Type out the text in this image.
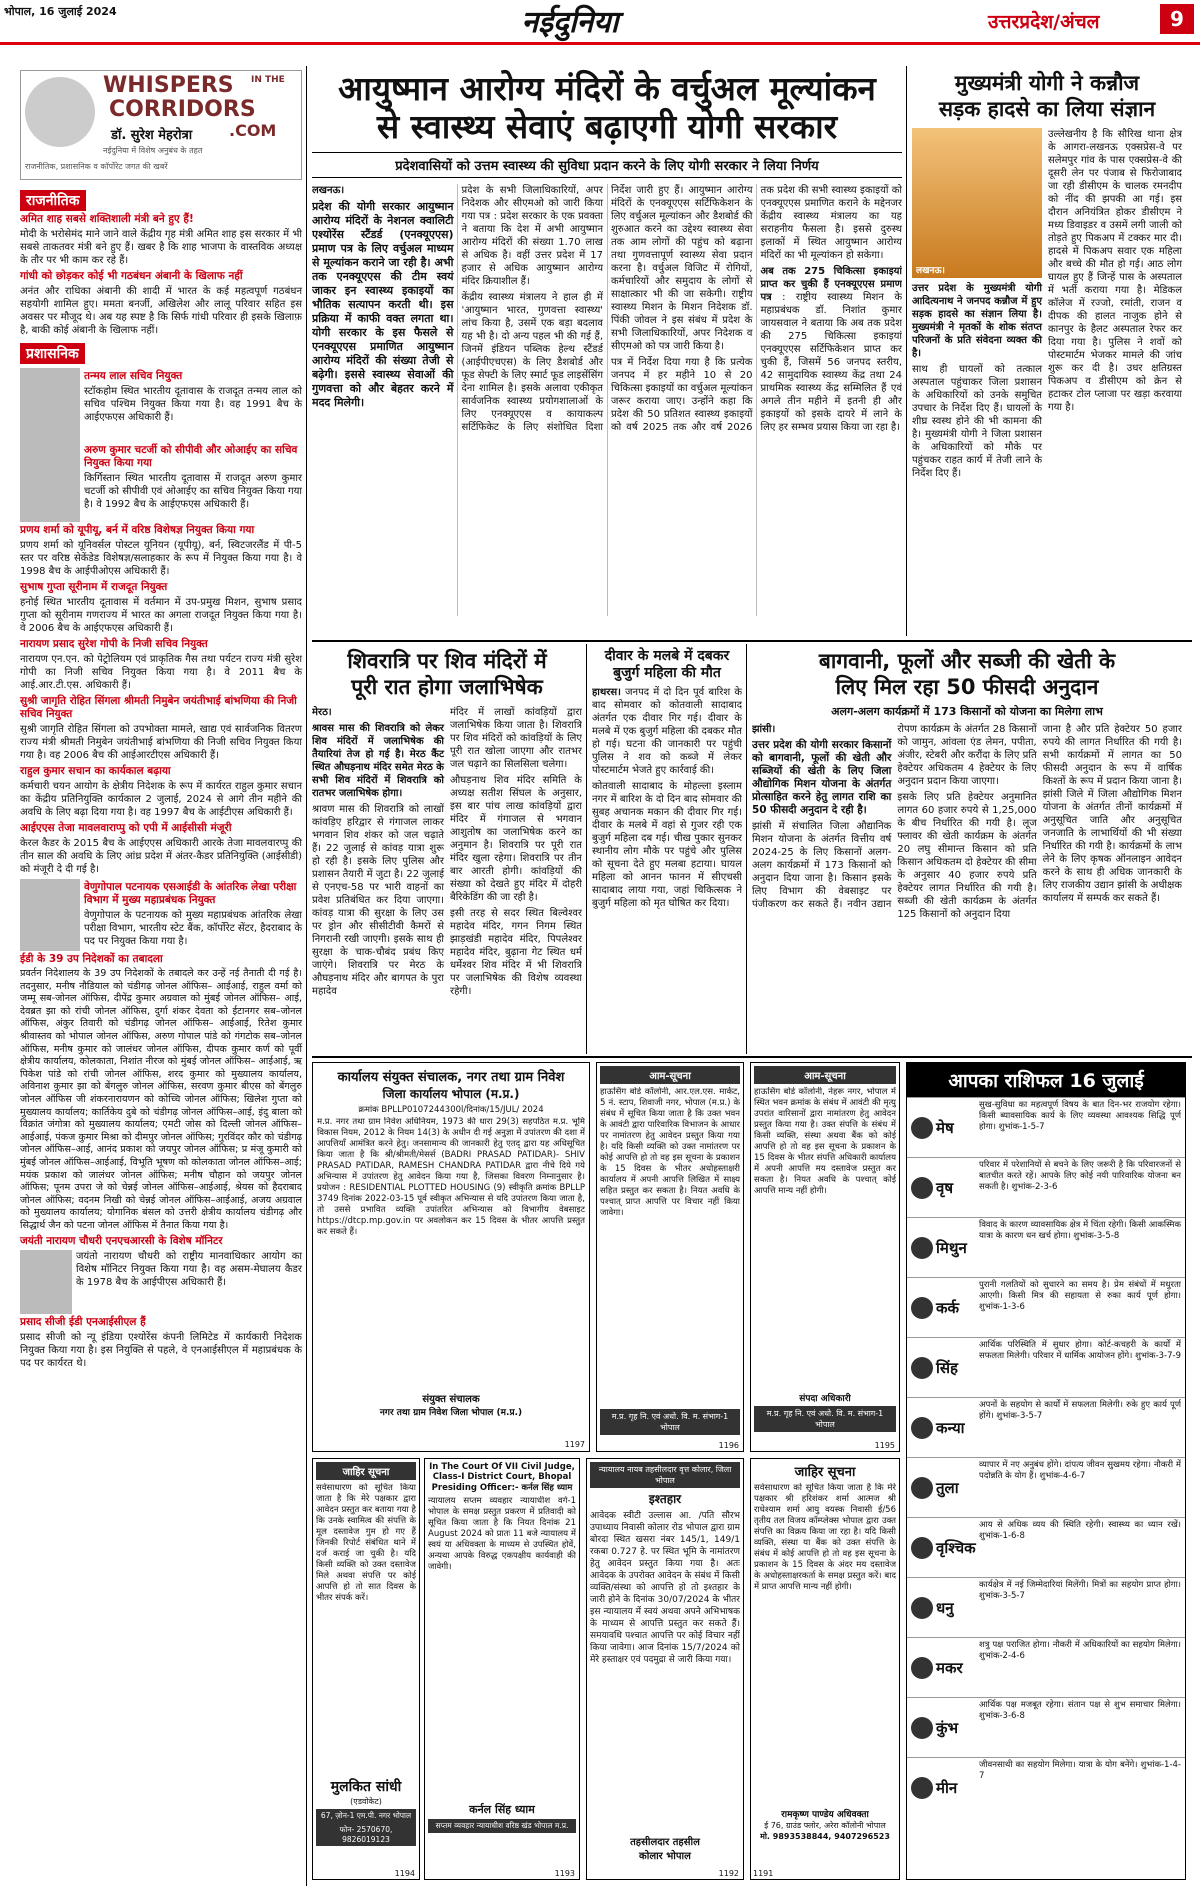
भोपाल, 16 जुलाई 2024	नईदुनिया	उत्तरप्रदेश/अंचल	9
WHISPERS IN THE
CORRIDORS
.COM
डॉ. सुरेश मेहरोत्रा
नईदुनिया में विशेष अनुबंध के तहत
राजनीतिक, प्रशासनिक व कॉर्पोरेट जगत की खबरें
राजनीतिक
अमित शाह सबसे शक्तिशाली मंत्री बने हुए हैं!

मोदी के भरोसेमंद माने जाने वाले केंद्रीय गृह मंत्री अमित शाह इस सरकार में भी सबसे ताकतवर मंत्री बने हुए हैं। खबर है कि शाह भाजपा के वास्तविक अध्यक्ष के तौर पर भी काम कर रहे हैं।

गांधी को छोड़कर कोई भी गठबंधन अंबानी के खिलाफ नहीं

अनंत और राधिका अंबानी की शादी में भारत के कई महत्वपूर्ण गठबंधन सहयोगी शामिल हुए। ममता बनर्जी, अखिलेश और लालू परिवार सहित इस अवसर पर मौजूद थे। अब यह स्पष्ट है कि सिर्फ गांधी परिवार ही इसके खिलाफ़ है, बाकी कोई अंबानी के खिलाफ नहीं।

प्रशासनिक
तन्मय लाल सचिव नियुक्त

स्टॉकहोम स्थित भारतीय दूतावास के राजदूत तन्मय लाल को सचिव पश्चिम नियुक्त किया गया है। वह 1991 बैच के आईएफएस अधिकारी हैं।

अरुण कुमार चटर्जी को सीपीवी और ओआईए का सचिव नियुक्त किया गया

किर्गिस्तान स्थित भारतीय दूतावास में राजदूत अरुण कुमार चटर्जी को सीपीवी एवं ओआईए का सचिव नियुक्त किया गया है। वे 1992 बैच के आईएफएस अधिकारी हैं।

प्रणय शर्मा को यूपीयू, बर्न में वरिष्ठ विशेषज्ञ नियुक्त किया गया

प्रणय शर्मा को यूनिवर्सल पोस्टल यूनियन (यूपीयू), बर्न, स्विटजरलैंड में पी-5 स्तर पर वरिष्ठ सेकेंडेड विशेषज्ञ/सलाहकार के रूप में नियुक्त किया गया है। वे 1998 बैच के आईपीओएस अधिकारी हैं।

सुभाष गुप्ता सूरीनाम में राजदूत नियुक्त

हनोई स्थित भारतीय दूतावास में वर्तमान में उप-प्रमुख मिशन, सुभाष प्रसाद गुप्ता को सूरीनाम गणराज्य में भारत का अगला राजदूत नियुक्त किया गया है। वे 2006 बैच के आईएफएस अधिकारी हैं।

नारायण प्रसाद सुरेश गोपी के निजी सचिव नियुक्त

नारायण एन.एन. को पेट्रोलियम एवं प्राकृतिक गैस तथा पर्यटन राज्य मंत्री सुरेश गोपी का निजी सचिव नियुक्त किया गया है। वे 2011 बैच के आई.आर.टी.एस. अधिकारी हैं।

सुश्री जागृति रोहित सिंगला श्रीमती निमुबेन जयंतीभाई बांभणिया की निजी सचिव नियुक्त

सुश्री जागृति रोहित सिंगला को उपभोक्ता मामले, खाद्य एवं सार्वजनिक वितरण राज्य मंत्री श्रीमती निमुबेन जयंतीभाई बांभणिया की निजी सचिव नियुक्त किया गया है। वह 2006 बैच की आईआरटीएस अधिकारी हैं।

राहुल कुमार सचान का कार्यकाल बढ़ाया

कर्मचारी चयन आयोग के क्षेत्रीय निदेशक के रूप में कार्यरत राहुल कुमार सचान का केंद्रीय प्रतिनियुक्ति कार्यकाल 2 जुलाई, 2024 से आगे तीन महीने की अवधि के लिए बढ़ा दिया गया है। वह 1997 बैच के आईटीएस अधिकारी हैं।

आईएएस तेजा मावलवाराप्पु को एपी में आईसीसी मंजूरी

केरल कैडर के 2015 बैच के आईएएस अधिकारी आरके तेजा मावलवारप्पु की तीन साल की अवधि के लिए आंध्र प्रदेश में अंतर-कैडर प्रतिनियुक्ति (आईसीडी) को मंजूरी दे दी गई है।

वेणुगोपाल पटनायक एसआईडी के आंतरिक लेखा परीक्षा विभाग में मुख्य महाप्रबंधक नियुक्त

वेणुगोपाल के पटनायक को मुख्य महाप्रबंधक आंतरिक लेखा परीक्षा विभाग, भारतीय स्टेट बैंक, कॉर्पोरेट सेंटर, हैदराबाद के पद पर नियुक्त किया गया है।

ईडी के 39 उप निदेशकों का तबादला

प्रवर्तन निदेशालय के 39 उप निदेशकों के तबादले कर उन्हें नई तैनाती दी गई है। तदनुसार, मनीष नौडियाल को चंडीगढ़ जोनल ऑफिस– आईआई, राहुल वर्मा को जम्मू सब-जोनल ऑफिस, दीपेंद्र कुमार अग्रवाल को मुंबई जोनल ऑफिस– आई, देवब्रत झा को रांची जोनल ऑफिस, दुर्गा शंकर देवता को ईटानगर सब–जोनल ऑफिस, अंकुर तिवारी को चंडीगढ़ जोनल ऑफिस– आईआई, रितेश कुमार श्रीवास्तव को भोपाल जोनल ऑफिस, अरुण गोपाल पांडे को गंगटोक सब–जोनल ऑफिस, मनीष कुमार को जालंधर जोनल ऑफिस, दीपक कुमार कर्ण को पूर्वी क्षेत्रीय कार्यालय, कोलकाता, निशांत नीरज को मुंबई जोनल ऑफिस– आईआई, ऋ पिकेश पांडे को रांची जोनल ऑफिस, शरद कुमार को मुख्यालय कार्यालय, अविनाश कुमार झा को बेंगलुरु जोनल ऑफिस, सरवण कुमार बीएस को बेंगलुरु जोनल ऑफिस जी शंकरनारायणन को कोच्चि जोनल ऑफिस; खिलेश गुप्ता को मुख्यालय कार्यालय; कार्तिकेय दुबे को चंडीगढ़ जोनल ऑफिस–आई, इंदु बाला को विक्रांत जंगोत्रा को मुख्यालय कार्यालय; एमटी जोस को दिल्ली जोनल ऑफिस–आईआई, पंकज कुमार मिश्रा को दीमपुर जोनल ऑफिस; गुरविंदर कौर को चंडीगढ़ जोनल ऑफिस–आई, आनंद प्रकाश को जयपुर जोनल ऑफिस; प्र मंजू कुमारी को मुंबई जोनल ऑफिस–आईआई, विभूति भूषण को कोलकाता जोनल ऑफिस–आई; मयंक प्रकाश को जालंधर जोनल ऑफिस; मनीष चौहान को जयपुर जोनल ऑफिस; पूनम उपरा जे को चेन्नई जोनल ऑफिस–आईआई, श्रेयस को हैदराबाद जोनल ऑफिस; वदनम निखी को चेन्नई जोनल ऑफिस–आईआई, अजय अग्रवाल को मुख्यालय कार्यालय; योगानिक बंसल को उत्तरी क्षेत्रीय कार्यालय चंडीगढ़ और सिद्धार्थ जैन को पटना जोनल ऑफिस में तैनात किया गया है।

जयंती नारायण चौधरी एनएचआरसी के विशेष मॉनिटर

जयंतो नारायण चौधरी को राष्ट्रीय मानवाधिकार आयोग का विशेष मॉनिटर नियुक्त किया गया है। वह असम-मेघालय कैडर के 1978 बैच के आईपीएस अधिकारी हैं।

प्रसाद सीजी ईडी एनआईसीएल हैं

प्रसाद सीजी को न्यू इंडिया एश्योरेंस कंपनी लिमिटेड में कार्यकारी निदेशक नियुक्त किया गया है। इस नियुक्ति से पहले, वे एनआईसीएल में महाप्रबंधक के पद पर कार्यरत थे।

आयुष्मान आरोग्य मंदिरों के वर्चुअल मूल्यांकन
से स्वास्थ्य सेवाएं बढ़ाएगी योगी सरकार
प्रदेशवासियों को उत्तम स्वास्थ्य की सुविधा प्रदान करने के लिए योगी सरकार ने लिया निर्णय

लखनऊ।

प्रदेश की योगी सरकार आयुष्मान आरोग्य मंदिरों के नेशनल क्वालिटी एश्योरेंस स्टैंडर्ड (एनक्यूएएस) प्रमाण पत्र के लिए वर्चुअल माध्यम से मूल्यांकन कराने जा रही है। अभी तक एनक्यूएएस की टीम स्वयं जाकर इन स्वास्थ्य इकाइयों का भौतिक सत्यापन करती थी। इस प्रक्रिया में काफी वक्त लगता था। योगी सरकार के इस फैसले से एनक्यूएएस प्रमाणित आयुष्मान आरोग्य मंदिरों की संख्या तेजी से बढ़ेगी। इससे स्वास्थ्य सेवाओं की गुणवत्ता को और बेहतर करने में मदद मिलेगी।

प्रदेश के सभी जिलाधिकारियों, अपर निदेशक और सीएमओ को जारी किया गया पत्र : प्रदेश सरकार के एक प्रवक्ता ने बताया कि देश में अभी आयुष्मान आरोग्य मंदिरों की संख्या 1.70 लाख से अधिक है। वहीं उत्तर प्रदेश में 17 हजार से अधिक आयुष्मान आरोग्य मंदिर क्रियाशील हैं।

केंद्रीय स्वास्थ्य मंत्रालय ने हाल ही में 'आयुष्मान भारत, गुणवत्ता स्वास्थ्य' लांच किया है, उसमें एक बड़ा बदलाव यह भी है। दो अन्य पहल भी की गई हैं, जिनमें इंडियन पब्लिक हेल्थ स्टैंडर्ड (आईपीएचएस) के लिए डैशबोर्ड और फूड सेफ्टी के लिए स्मार्ट फूड लाइसेंसिंग देना शामिल है। इसके अलावा एकीकृत सार्वजनिक स्वास्थ्य प्रयोगशालाओं के लिए एनक्यूएएस व कायाकल्प सर्टिफिकेट के लिए संशोधित दिशा निर्देश जारी हुए हैं। आयुष्मान आरोग्य मंदिरों के एनक्यूएएस सर्टिफिकेशन के लिए वर्चुअल मूल्यांकन और डैशबोर्ड की शुरुआत करने का उद्देश्य स्वास्थ्य सेवा तक आम लोगों की पहुंच को बढ़ाना तथा गुणवत्तापूर्ण स्वास्थ्य सेवा प्रदान करना है। वर्चुअल विजिट में रोगियों, कर्मचारियों और समुदाय के लोगों से साक्षात्कार भी की जा सकेगी। राष्ट्रीय स्वास्थ्य मिशन के मिशन निदेशक डॉ. पिंकी जोवल ने इस संबंध में प्रदेश के सभी जिलाधिकारियों, अपर निदेशक व सीएमओ को पत्र जारी किया है।

पत्र में निर्देश दिया गया है कि प्रत्येक जनपद में हर महीने 10 से 20 चिकित्सा इकाइयों का वर्चुअल मूल्यांकन जरूर कराया जाए। उन्होंने कहा कि प्रदेश की 50 प्रतिशत स्वास्थ्य इकाइयों को वर्ष 2025 तक और वर्ष 2026 तक प्रदेश की सभी स्वास्थ्य इकाइयों को एनक्यूएएस प्रमाणित कराने के मद्देनजर केंद्रीय स्वास्थ्य मंत्रालय का यह सराहनीय फैसला है। इससे दुरुस्थ इलाकों में स्थित आयुष्मान आरोग्य मंदिरों का भी मूल्यांकन हो सकेगा।

अब तक 275 चिकित्सा इकाइयां प्राप्त कर चुकी हैं एनक्यूएएस प्रमाण पत्र : राष्ट्रीय स्वास्थ्य मिशन के महाप्रबंधक डॉ. निशांत कुमार जायसवाल ने बताया कि अब तक प्रदेश की 275 चिकित्सा इकाइयां एनक्यूएएस सर्टिफिकेशन प्राप्त कर चुकी हैं, जिसमें 56 जनपद स्तरीय, 42 सामुदायिक स्वास्थ्य केंद्र तथा 24 प्राथमिक स्वास्थ्य केंद्र सम्मिलित हैं एवं अगले तीन महीने में इतनी ही और इकाइयों को इसके दायरे में लाने के लिए हर सम्भव प्रयास किया जा रहा है।

मुख्यमंत्री योगी ने कन्नौज
सड़क हादसे का लिया संज्ञान
लखनऊ।

उत्तर प्रदेश के मुख्यमंत्री योगी आदित्यनाथ ने जनपद कन्नौज में हुए सड़क हादसे का संज्ञान लिया है। मुख्यमंत्री ने मृतकों के शोक संतप्त परिजनों के प्रति संवेदना व्यक्त की है।

साथ ही घायलों को तत्काल अस्पताल पहुंचाकर जिला प्रशासन के अधिकारियों को उनके समुचित उपचार के निर्देश दिए हैं। घायलों के शीघ्र स्वस्थ होने की भी कामना की है। मुख्यमंत्री योगी ने जिला प्रशासन के अधिकारियों को मौके पर पहुंचकर राहत कार्य में तेजी लाने के निर्देश दिए हैं।

उल्लेखनीय है कि सौरिख थाना क्षेत्र के आगरा-लखनऊ एक्सप्रेस-वे पर सलेमपुर गांव के पास एक्सप्रेस-वे की दूसरी लेन पर पंजाब से फिरोजाबाद जा रही डीसीएम के चालक रमनदीप को नींद की झपकी आ गई। इस दौरान अनियंत्रित होकर डीसीएम ने मध्य डिवाइडर व उसमें लगी जाली को तोड़ते हुए पिकअप में टक्कर मार दी। हादसे में पिकअप सवार एक महिला और बच्चे की मौत हो गई। आठ लोग घायल हुए हैं जिन्हें पास के अस्पताल में भर्ती कराया गया है। मेडिकल कॉलेज में रज्जो, रमांती, राजन व दीपक की हालत नाजुक होने से कानपुर के हैलट अस्पताल रेफर कर दिया गया है। पुलिस ने शवों को पोस्टमार्टम भेजकर मामले की जांच शुरू कर दी है। उधर क्षतिग्रस्त पिकअप व डीसीएम को क्रेन से हटाकर टोल प्लाजा पर खड़ा करवाया गया है।

शिवरात्रि पर शिव मंदिरों में
पूरी रात होगा जलाभिषेक

मेरठ।

श्रावस मास की शिवरात्रि को लेकर शिव मंदिरों में जलाभिषेक की तैयारियां तेज हो गई है। मेरठ कैंट स्थित औघड़नाथ मंदिर समेत मेरठ के सभी शिव मंदिरों में शिवरात्रि को रातभर जलाभिषेक होगा।

श्रावण मास की शिवरात्रि को लाखों कांवड़िए हरिद्वार से गंगाजल लाकर भगवान शिव शंकर को जल चढ़ाते हैं। 22 जुलाई से कांवड़ यात्रा शुरू हो रही है। इसके लिए पुलिस और प्रशासन तैयारी में जुटा है। 22 जुलाई से एनएच-58 पर भारी वाहनों का प्रवेश प्रतिबंधित कर दिया जाएगा। कांवड़ यात्रा की सुरक्षा के लिए उस पर ड्रोन और सीसीटीवी कैमरों से निगरानी रखी जाएगी। इसके साथ ही सुरक्षा के चाक-चौबंद प्रबंध किए जाएंगे। शिवरात्रि पर मेरठ के औघड़नाथ मंदिर और बागपत के पुरा महादेव

मंदिर में लाखों कांवड़ियों द्वारा जलाभिषेक किया जाता है। शिवरात्रि पर शिव मंदिरों को कांवड़ियों के लिए पूरी रात खोला जाएगा और रातभर जल चढ़ाने का सिलसिला चलेगा।

औघड़नाथ शिव मंदिर समिति के अध्यक्ष सतीश सिंघल के अनुसार, इस बार पांच लाख कांवड़ियों द्वारा मंदिर में गंगाजल से भगवान आशुतोष का जलाभिषेक करने का अनुमान है। शिवरात्रि पर पूरी रात मंदिर खुला रहेगा। शिवरात्रि पर तीन बार आरती होगी। कांवड़ियों की संख्या को देखते हुए मंदिर में दोहरी बैरिकेडिंग की जा रही है।

इसी तरह से सदर स्थित बिल्वेश्वर महादेव मंदिर, गगन निगम स्थित झाड़खंडी महादेव मंदिर, पिपलेश्वर महादेव मंदिर, बुढ़ाना गेट स्थित धर्म धर्मेश्वर शिव मंदिर में भी शिवरात्रि पर जलाभिषेक की विशेष व्यवस्था रहेगी।

दीवार के मलबे में दबकर
बुजुर्ग महिला की मौत

हाथरस। जनपद में दो दिन पूर्व बारिश के बाद सोमवार को कोतवाली सादाबाद अंतर्गत एक दीवार गिर गई। दीवार के मलबे में एक बुजुर्ग महिला की दबकर मौत हो गई। घटना की जानकारी पर पहुंची पुलिस ने शव को कब्जे में लेकर पोस्टमार्टम भेजते हुए कार्रवाई की।

कोतवाली सादाबाद के मोहल्ला इस्लाम नगर में बारिश के दो दिन बाद सोमवार की सुबह अचानक मकान की दीवार गिर गई। दीवार के मलबे में वहां से गुजर रही एक बुजुर्ग महिला दब गई। चीख पुकार सुनकर स्थानीय लोग मौके पर पहुंचे और पुलिस को सूचना देते हुए मलबा हटाया। घायल महिला को आनन फानन में सीएचसी सादाबाद लाया गया, जहां चिकित्सक ने बुजुर्ग महिला को मृत घोषित कर दिया।

बागवानी, फूलों और सब्जी की खेती के
लिए मिल रहा 50 फीसदी अनुदान
अलग-अलग कार्यक्रमों में 173 किसानों को योजना का मिलेगा लाभ

झांसी।

उत्तर प्रदेश की योगी सरकार किसानों को बागवानी, फूलों की खेती और सब्जियों की खेती के लिए जिला औद्योगिक मिशन योजना के अंतर्गत प्रोत्साहित करने हेतु लागत राशि का 50 फीसदी अनुदान दे रही है।

झांसी में संचालित जिला औद्यानिक मिशन योजना के अंतर्गत वित्तीय वर्ष 2024-25 के लिए किसानों अलग-अलग कार्यक्रमों में 173 किसानों को अनुदान दिया जाना है। किसान इसके लिए विभाग की वेबसाइट पर पंजीकरण कर सकते हैं। नवीन उद्यान रोपण कार्यक्रम के अंतर्गत 28 किसानों को जामुन, आंवला एंड लेमन, पपीता, अंजीर, स्टेबरी और करौंदा के लिए प्रति हेक्टेयर अधिकतम 4 हेक्टेयर के लिए अनुदान प्रदान किया जाएगा।

इसके लिए प्रति हेक्टेयर अनुमानित लागत 60 हजार रुपये से 1,25,000 के बीच निर्धारित की गयी है। लूज फ्लावर की खेती कार्यक्रम के अंतर्गत 20 लघु सीमान्त किसान को प्रति किसान अधिकतम दो हेक्टेयर की सीमा के अनुसार 40 हजार रुपये प्रति हेक्टेयर लागत निर्धारित की गयी है। सब्जी की खेती कार्यक्रम के अंतर्गत 125 किसानों को अनुदान दिया

जाना है और प्रति हेक्टेयर 50 हजार रुपये की लागत निर्धारित की गयी है। सभी कार्यक्रमों में लागत का 50 फीसदी अनुदान के रूप में वार्षिक किश्तों के रूप में प्रदान किया जाना है। झांसी जिले में जिला औद्योगिक मिशन योजना के अंतर्गत तीनों कार्यक्रमों में अनुसूचित जाति और अनुसूचित जनजाति के लाभार्थियों की भी संख्या निर्धारित की गयी है। कार्यक्रमों के लाभ लेने के लिए कृषक ऑनलाइन आवेदन करने के साथ ही अधिक जानकारी के लिए राजकीय उद्यान झांसी के अधीक्षक कार्यालय में सम्पर्क कर सकते हैं।

कार्यालय संयुक्त संचालक, नगर तथा ग्राम निवेश
जिला कार्यालय भोपाल (म.प्र.)
क्रमांक BPLLP0107244300l/दिनांक/15/JUL/ 2024
म.प्र. नगर तथा ग्राम निवेश अधिनियम, 1973 की धारा 29(3) सहपठित म.प्र. भूमि विकास नियम, 2012 के नियम 14(3) के अधीन दी गई अनुज्ञा में उपांतरण की दशा में आपत्तियाँ आमंत्रित करने हेतु। जनसामान्य की जानकारी हेतु एतद् द्वारा यह अधिसूचित किया जाता है कि श्री/श्रीमती/मेसर्स (BADRI PRASAD PATIDAR)- SHIV PRASAD PATIDAR, RAMESH CHANDRA PATIDAR द्वारा नीचे दिये गये अभिन्यास में उपांतरण हेतु आवेदन किया गया है, जिसका विवरण निम्नानुसार है। प्रयोजन : RESIDENTIAL PLOTTED HOUSING (9) स्वीकृति क्रमांक BPLLP 3749 दिनांक 2022-03-15 पूर्व स्वीकृत अभिन्यास से यदि उपांतरण किया जाता है, तो उससे प्रभावित व्यक्ति उपांतरित अभिन्यास को विभागीय वेबसाइट https://dtcp.mp.gov.in पर अवलोकन कर 15 दिवस के भीतर आपत्ति प्रस्तुत कर सकते हैं।
संयुक्त संचालक
नगर तथा ग्राम निवेश जिला भोपाल (म.प्र.)
1197
आम-सूचना
हाऊसिंग बोर्ड कॉलोनी, आर.एल.एस. मार्केट, 5 नं. स्टाप, शिवाजी नगर, भोपाल (म.प्र.) के संबंध में सूचित किया जाता है कि उक्त भवन के आवंटी द्वारा पारिवारिक विभाजन के आधार पर नामांतरण हेतु आवेदन प्रस्तुत किया गया है। यदि किसी व्यक्ति को उक्त नामांतरण पर कोई आपत्ति हो तो वह इस सूचना के प्रकाशन के 15 दिवस के भीतर अधोहस्ताक्षरी कार्यालय में अपनी आपत्ति लिखित में साक्ष्य सहित प्रस्तुत कर सकता है। नियत अवधि के पश्चात् प्राप्त आपत्ति पर विचार नहीं किया जावेगा।
म.प्र. गृह नि. एवं अधो. वि. म. संभाग-1 भोपाल
1196
आम-सूचना
हाऊसिंग बोर्ड कॉलोनी, नेहरू नगर, भोपाल में स्थित भवन क्रमांक के संबंध में आवंटी की मृत्यु उपरांत वारिसानों द्वारा नामांतरण हेतु आवेदन प्रस्तुत किया गया है। उक्त संपत्ति के संबंध में किसी व्यक्ति, संस्था अथवा बैंक को कोई आपत्ति हो तो वह इस सूचना के प्रकाशन के 15 दिवस के भीतर संपत्ति अधिकारी कार्यालय में अपनी आपत्ति मय दस्तावेज प्रस्तुत कर सकता है। नियत अवधि के पश्चात् कोई आपत्ति मान्य नहीं होगी।
संपदा अधिकारी
म.प्र. गृह नि. एवं अधो. वि. म. संभाग-1 भोपाल
1195
जाहिर सूचना
सर्वसाधारण को सूचित किया जाता है कि मेरे पक्षकार द्वारा आवेदन प्रस्तुत कर बताया गया है कि उनके स्वामित्व की संपत्ति के मूल दस्तावेज गुम हो गए हैं जिनकी रिपोर्ट संबंधित थाने में दर्ज कराई जा चुकी है। यदि किसी व्यक्ति को उक्त दस्तावेज मिले अथवा संपत्ति पर कोई आपत्ति हो तो सात दिवस के भीतर संपर्क करें।
मुलकित सांधी
(एडवोकेट)
67, ज़ोन-1 एम.पी. नगर भोपाल
फोन- 2570670, 9826019123
1194
In The Court Of VII Civil Judge,
Class-I District Court, Bhopal
Presiding Officer:- कर्नल सिंह ध्याम
न्यायालय सप्तम व्यवहार न्यायाधीश वर्ग-1 भोपाल के समक्ष प्रस्तुत प्रकरण में प्रतिवादी को सूचित किया जाता है कि नियत दिनांक 21 August 2024 को प्रातः 11 बजे न्यायालय में स्वयं या अधिवक्ता के माध्यम से उपस्थित होवें, अन्यथा आपके विरुद्ध एकपक्षीय कार्यवाही की जावेगी।
कर्नल सिंह ध्याम
सप्तम व्यवहार न्यायाधीश वरिष्ठ खंड भोपाल म.प्र.
1193
न्यायालय नायब तहसीलदार वृत्त कोलार, जिला भोपाल
इश्तहार
आवेदक स्वीटी उल्लास आ. /पति सौरभ उपाध्याय निवासी कोलार रोड भोपाल द्वारा ग्राम बोरदा स्थित खसरा नंबर 145/1, 149/1 रकबा 0.727 हे. पर स्थित भूमि के नामांतरण हेतु आवेदन प्रस्तुत किया गया है। अतः आवेदक के उपरोक्त आवेदन के संबंध में किसी व्यक्ति/संस्था को आपत्ति हो तो इश्तहार के जारी होने के दिनांक 30/07/2024 के भीतर इस न्यायालय में स्वयं अथवा अपने अभिभाषक के माध्यम से आपत्ति प्रस्तुत कर सकते हैं। समयावधि पश्चात आपत्ति पर कोई विचार नहीं किया जावेगा। आज दिनांक 15/7/2024 को मेरे हस्ताक्षर एवं पदमुद्रा से जारी किया गया।
तहसीलदार तहसील
कोलार भोपाल
1192
जाहिर सूचना
सर्वसाधारण को सूचित किया जाता है कि मेरे पक्षकार श्री हरिशंकर शर्मा आत्मज श्री राधेश्याम शर्मा आयु वयस्क निवासी ई/56 तृतीय तल विजय कॉम्प्लेक्स भोपाल द्वारा उक्त संपत्ति का विक्रय किया जा रहा है। यदि किसी व्यक्ति, संस्था या बैंक को उक्त संपत्ति के संबंध में कोई आपत्ति हो तो वह इस सूचना के प्रकाशन के 15 दिवस के अंदर मय दस्तावेज के अधोहस्ताक्षरकर्ता के समक्ष प्रस्तुत करें। बाद में प्राप्त आपत्ति मान्य नहीं होगी।
रामकृष्ण पाण्डेय अधिवक्ता
ई 76, ग्राउंड फ्लोर, अरेरा कॉलोनी भोपाल
मो. 9893538844, 9407296523
1191
आपका राशिफल 16 जुलाई
मेष
सुख-सुविधा का महत्वपूर्ण विषय के बात दिन-भर राजयोग रहेगा। किसी ब्यावसायिक कार्य के लिए व्यवस्था आवश्यक सिद्धि पूर्ण होगा। शुभांक-1-5-7
वृष
परिवार में परेशानियों से बचने के लिए जरूरी है कि परिवारजनों से बातचीत करते रहें। आपके लिए कोई नयी पारिवारिक योजना बन सकती है। शुभांक-2-3-6
मिथुन
विवाद के कारण व्यावसायिक क्षेत्र में चिंता रहेगी। किसी आकस्मिक यात्रा के कारण धन खर्च होगा। शुभांक-3-5-8
कर्क
पुरानी गलतियों को सुधारने का समय है। प्रेम संबंधों में मधुरता आएगी। किसी मित्र की सहायता से रुका कार्य पूर्ण होगा। शुभांक-1-3-6
सिंह
आर्थिक परिस्थिति में सुधार होगा। कोर्ट-कचहरी के कार्यों में सफलता मिलेगी। परिवार में धार्मिक आयोजन होंगे। शुभांक-3-7-9
कन्या
अपनों के सहयोग से कार्यों में सफलता मिलेगी। रुके हुए कार्य पूर्ण होंगे। शुभांक-3-5-7
तुला
व्यापार में नए अनुबंध होंगे। दांपत्य जीवन सुखमय रहेगा। नौकरी में पदोन्नति के योग हैं। शुभांक-4-6-7
वृश्चिक
आय से अधिक व्यय की स्थिति रहेगी। स्वास्थ्य का ध्यान रखें। शुभांक-1-6-8
धनु
कार्यक्षेत्र में नई जिम्मेदारियां मिलेंगी। मित्रों का सहयोग प्राप्त होगा। शुभांक-3-5-7
मकर
शत्रु पक्ष पराजित होगा। नौकरी में अधिकारियों का सहयोग मिलेगा। शुभांक-2-4-6
कुंभ
आर्थिक पक्ष मजबूत रहेगा। संतान पक्ष से शुभ समाचार मिलेगा। शुभांक-3-6-8
मीन
जीवनसाथी का सहयोग मिलेगा। यात्रा के योग बनेंगे। शुभांक-1-4-7
